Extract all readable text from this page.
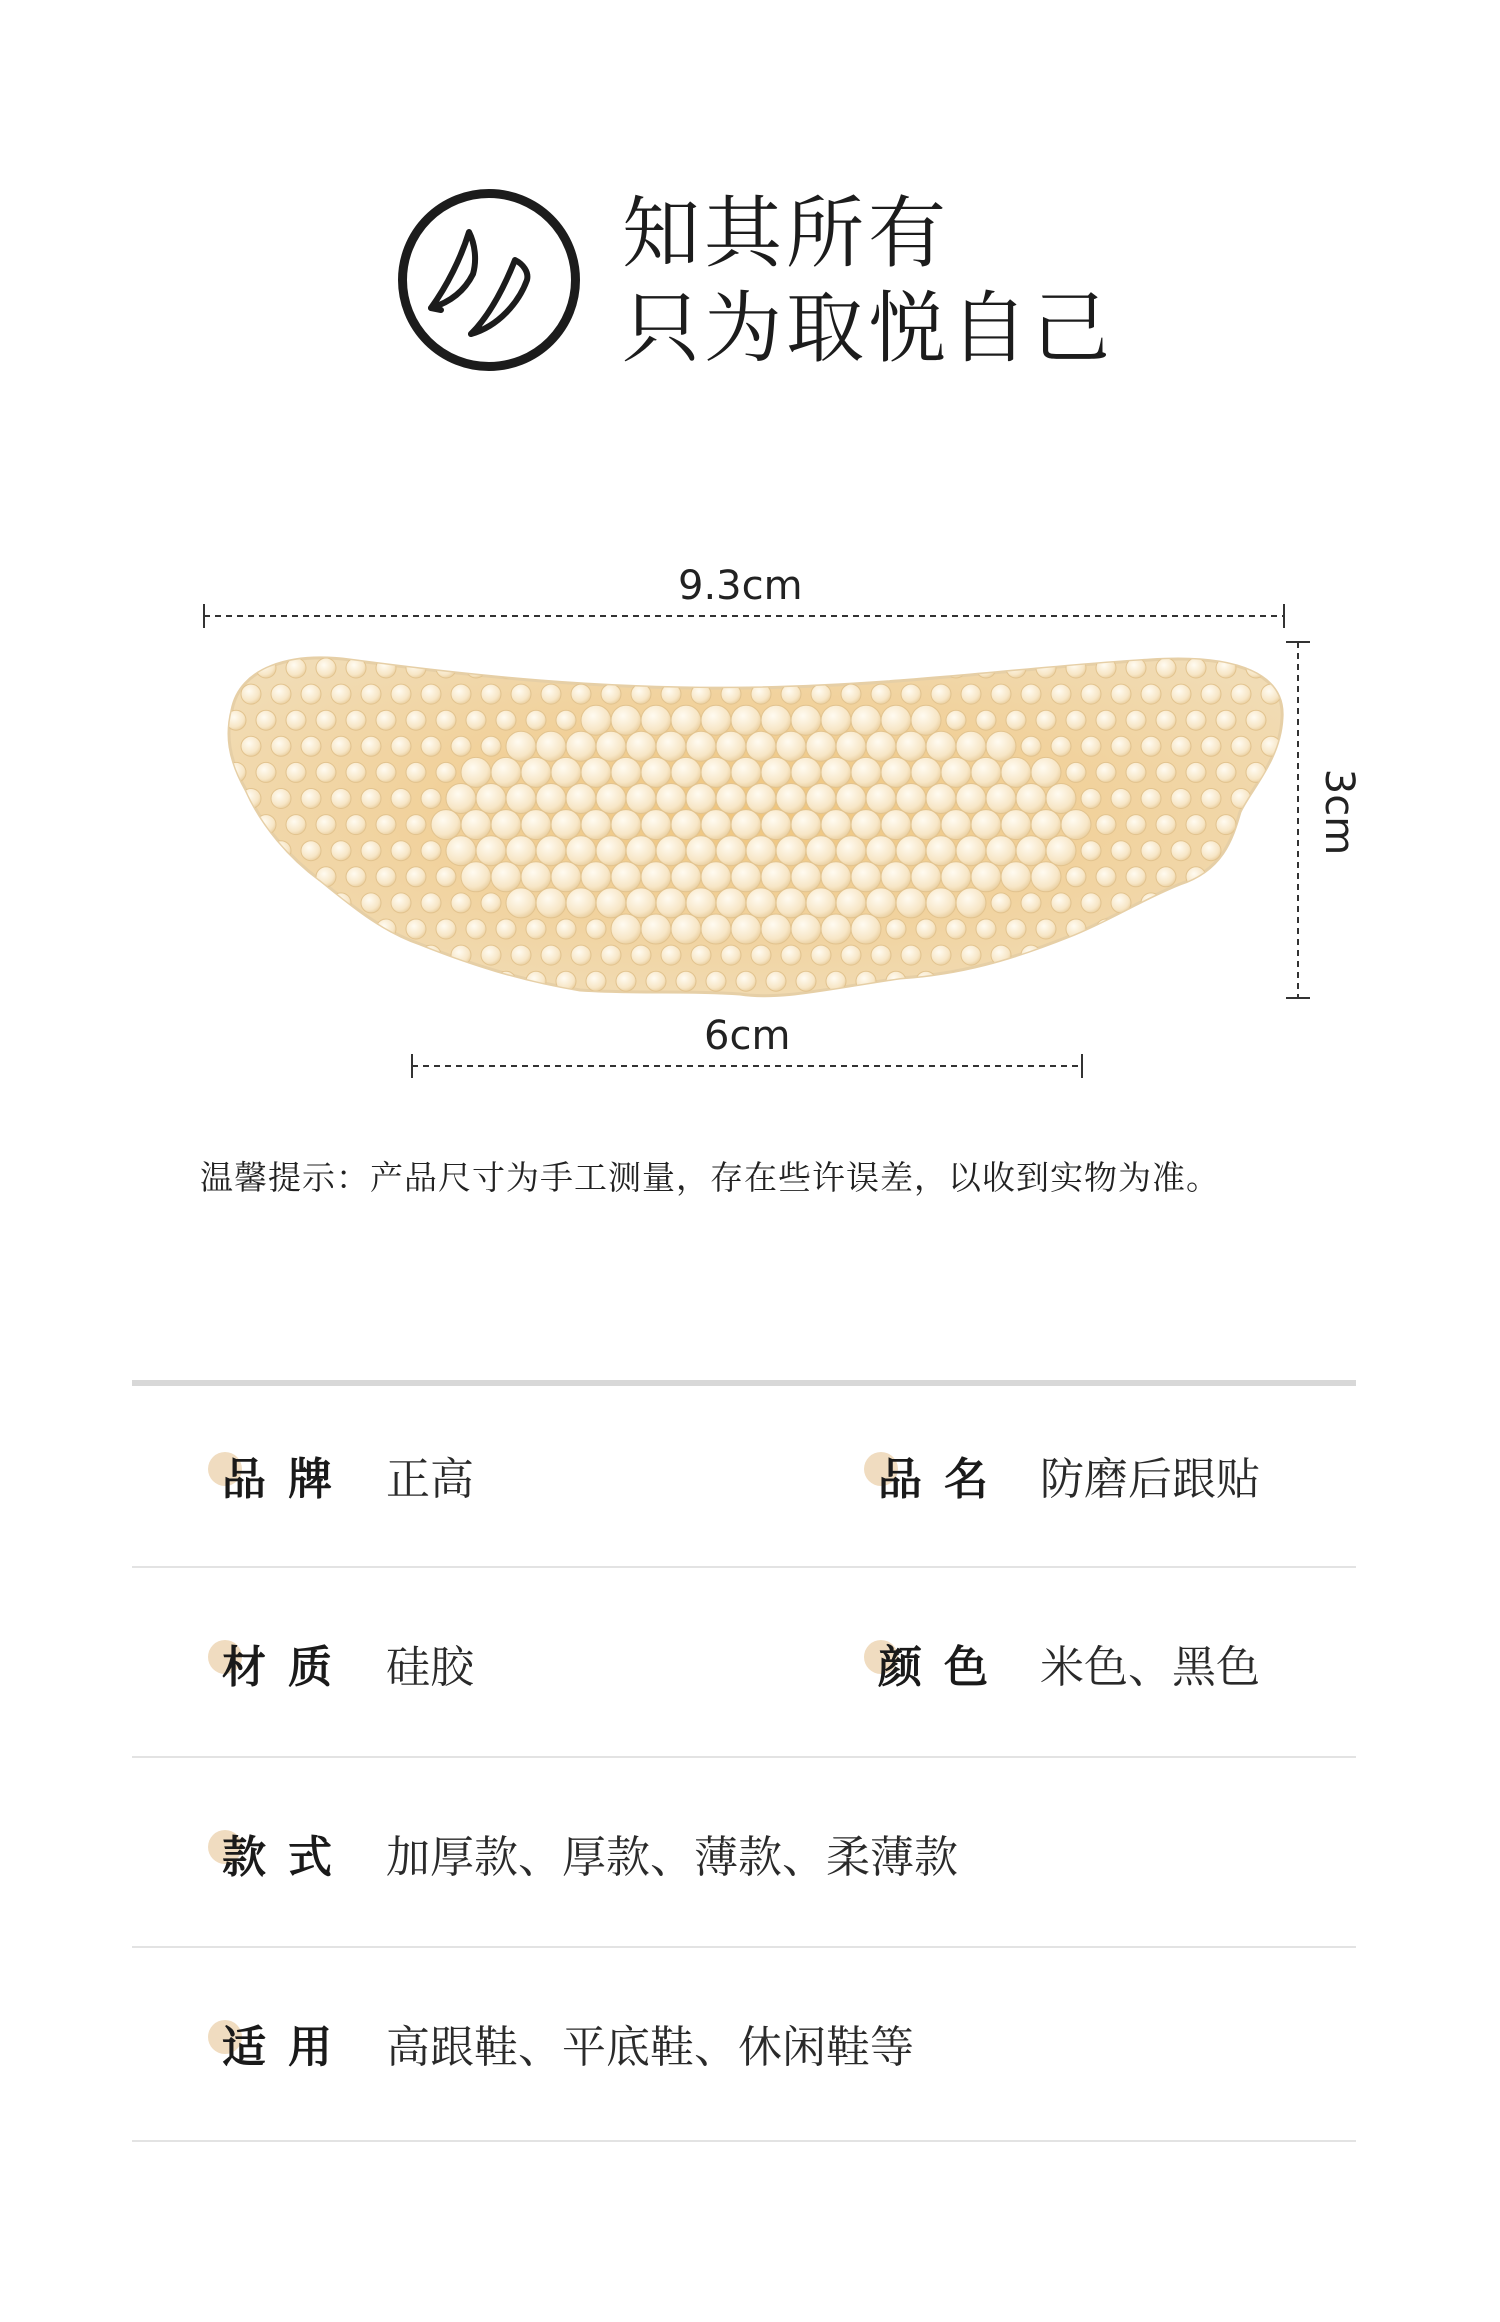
知其所有
只为取悦自己
9.3cm
3cm
6cm
温馨提示：产品尺寸为手工测量，存在些许误差，以收到实物为准。
品牌 正高	品名 防磨后跟贴
材质 硅胶	颜色 米色、黑色
款式 加厚款、厚款、薄款、柔薄款
适用 高跟鞋、平底鞋、休闲鞋等
